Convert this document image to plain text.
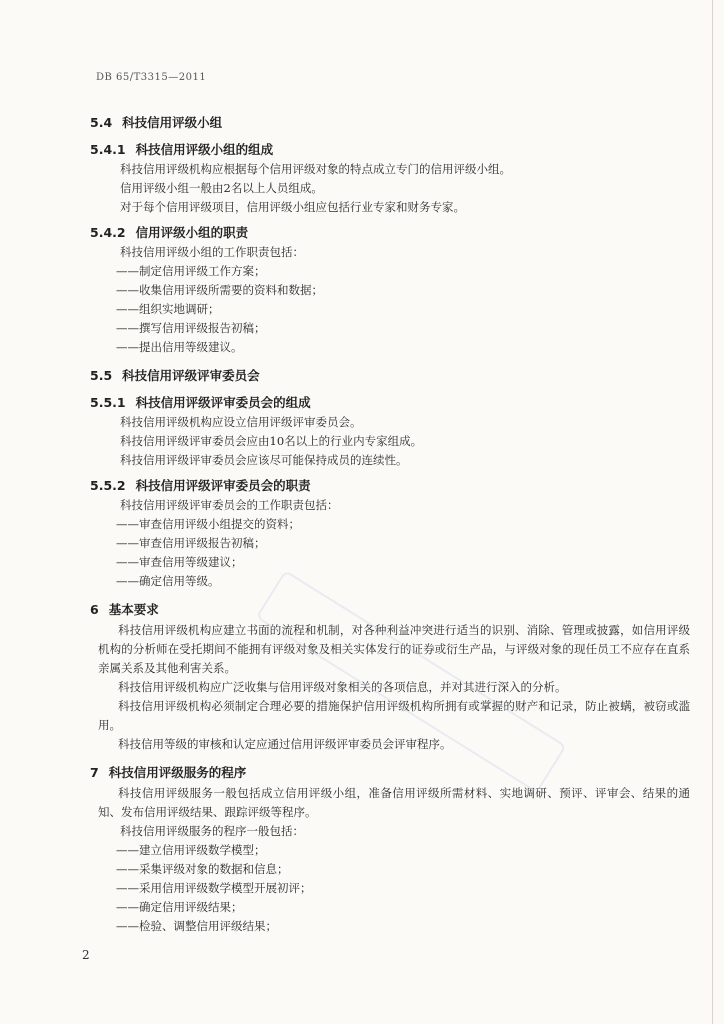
DB 65/T3315—2011
5.4 科技信用评级小组
5.4.1 科技信用评级小组的组成

科技信用评级机构应根据每个信用评级对象的特点成立专门的信用评级小组。

信用评级小组一般由2名以上人员组成。

对于每个信用评级项目，信用评级小组应包括行业专家和财务专家。

5.4.2 信用评级小组的职责

科技信用评级小组的工作职责包括：

——制定信用评级工作方案；

——收集信用评级所需要的资料和数据；

——组织实地调研；

——撰写信用评级报告初稿；

——提出信用等级建议。

5.5 科技信用评级评审委员会
5.5.1 科技信用评级评审委员会的组成

科技信用评级机构应设立信用评级评审委员会。

科技信用评级评审委员会应由10名以上的行业内专家组成。

科技信用评级评审委员会应该尽可能保持成员的连续性。

5.5.2 科技信用评级评审委员会的职责

科技信用评级评审委员会的工作职责包括：

——审查信用评级小组提交的资料；

——审查信用评级报告初稿；

——审查信用等级建议；

——确定信用等级。

6 基本要求

科技信用评级机构应建立书面的流程和机制，对各种利益冲突进行适当的识别、消除、管理或披露，如信用评级机构的分析师在受托期间不能拥有评级对象及相关实体发行的证券或衍生产品，与评级对象的现任员工不应存在直系亲属关系及其他利害关系。

科技信用评级机构应广泛收集与信用评级对象相关的各项信息，并对其进行深入的分析。

科技信用评级机构必须制定合理必要的措施保护信用评级机构所拥有或掌握的财产和记录，防止被螨，被窃或滥用。

科技信用等级的审核和认定应通过信用评级评审委员会评审程序。

7 科技信用评级服务的程序

科技信用评级服务一般包括成立信用评级小组，准备信用评级所需材料、实地调研、预评、评审会、结果的通知、发布信用评级结果、跟踪评级等程序。

科技信用评级服务的程序一般包括：

——建立信用评级数学模型；

——采集评级对象的数据和信息；

——采用信用评级数学模型开展初评；

——确定信用评级结果；

——检验、调整信用评级结果；

2
